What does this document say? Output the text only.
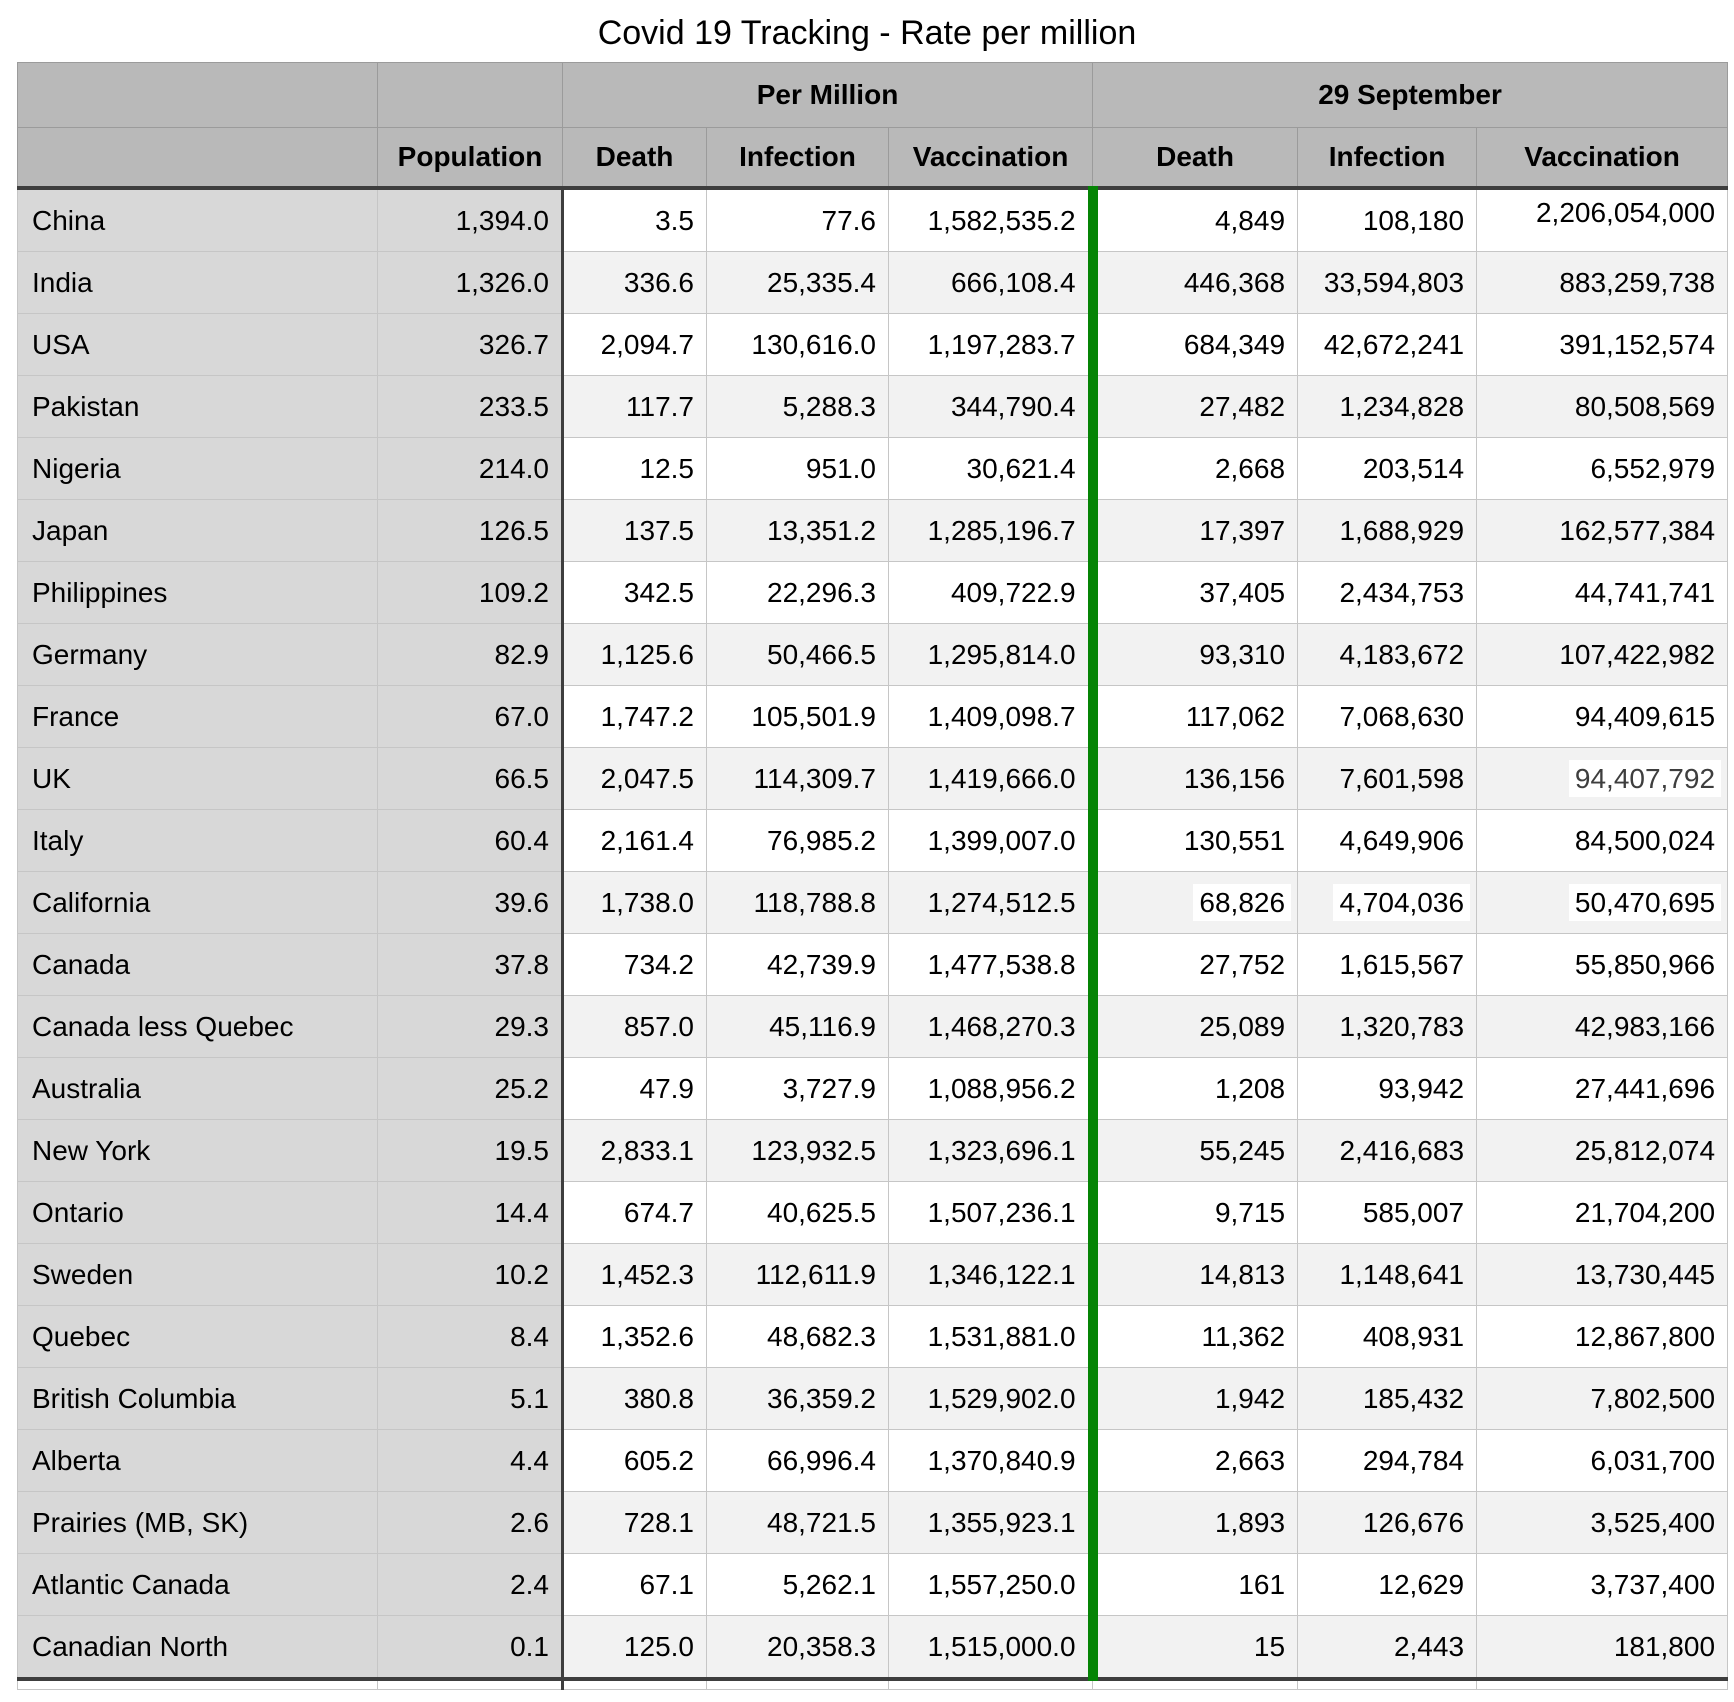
Covid 19 Tracking - Rate per million
		Per Million			29 September		
	Population	Death	Infection	Vaccination	Death	Infection	Vaccination
China	1,394.0	3.5	77.6	1,582,535.2	4,849	108,180	2,206,054,000
India	1,326.0	336.6	25,335.4	666,108.4	446,368	33,594,803	883,259,738
USA	326.7	2,094.7	130,616.0	1,197,283.7	684,349	42,672,241	391,152,574
Pakistan	233.5	117.7	5,288.3	344,790.4	27,482	1,234,828	80,508,569
Nigeria	214.0	12.5	951.0	30,621.4	2,668	203,514	6,552,979
Japan	126.5	137.5	13,351.2	1,285,196.7	17,397	1,688,929	162,577,384
Philippines	109.2	342.5	22,296.3	409,722.9	37,405	2,434,753	44,741,741
Germany	82.9	1,125.6	50,466.5	1,295,814.0	93,310	4,183,672	107,422,982
France	67.0	1,747.2	105,501.9	1,409,098.7	117,062	7,068,630	94,409,615
UK	66.5	2,047.5	114,309.7	1,419,666.0	136,156	7,601,598	94,407,792
Italy	60.4	2,161.4	76,985.2	1,399,007.0	130,551	4,649,906	84,500,024
California	39.6	1,738.0	118,788.8	1,274,512.5	68,826	4,704,036	50,470,695
Canada	37.8	734.2	42,739.9	1,477,538.8	27,752	1,615,567	55,850,966
Canada less Quebec	29.3	857.0	45,116.9	1,468,270.3	25,089	1,320,783	42,983,166
Australia	25.2	47.9	3,727.9	1,088,956.2	1,208	93,942	27,441,696
New York	19.5	2,833.1	123,932.5	1,323,696.1	55,245	2,416,683	25,812,074
Ontario	14.4	674.7	40,625.5	1,507,236.1	9,715	585,007	21,704,200
Sweden	10.2	1,452.3	112,611.9	1,346,122.1	14,813	1,148,641	13,730,445
Quebec	8.4	1,352.6	48,682.3	1,531,881.0	11,362	408,931	12,867,800
British Columbia	5.1	380.8	36,359.2	1,529,902.0	1,942	185,432	7,802,500
Alberta	4.4	605.2	66,996.4	1,370,840.9	2,663	294,784	6,031,700
Prairies (MB, SK)	2.6	728.1	48,721.5	1,355,923.1	1,893	126,676	3,525,400
Atlantic Canada	2.4	67.1	5,262.1	1,557,250.0	161	12,629	3,737,400
Canadian North	0.1	125.0	20,358.3	1,515,000.0	15	2,443	181,800
